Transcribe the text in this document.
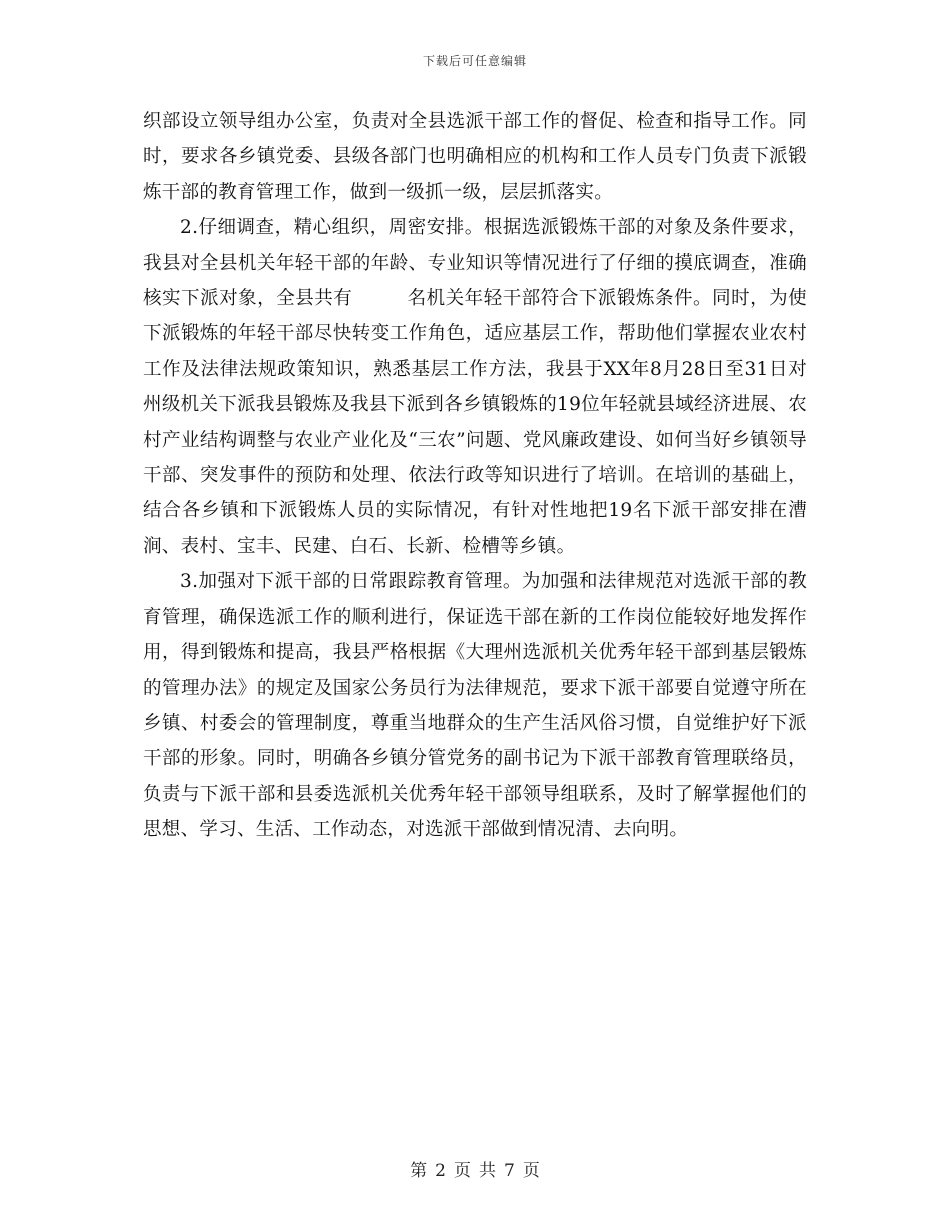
下载后可任意编辑

织部设立领导组办公室，负责对全县选派干部工作的督促、检查和指导工作。同时，要求各乡镇党委、县级各部门也明确相应的机构和工作人员专门负责下派锻炼干部的教育管理工作，做到一级抓一级，层层抓落实。

2.仔细调查，精心组织，周密安排。根据选派锻炼干部的对象及条件要求，我县对全县机关年轻干部的年龄、专业知识等情况进行了仔细的摸底调查，准确核实下派对象，全县共有	名机关年轻干部符合下派锻炼条件。同时，为使下派锻炼的年轻干部尽快转变工作角色，适应基层工作，帮助他们掌握农业农村工作及法律法规政策知识，熟悉基层工作方法，我县于XX年8月28日至31日对州级机关下派我县锻炼及我县下派到各乡镇锻炼的19位年轻就县域经济进展、农村产业结构调整与农业产业化及“三农”问题、党风廉政建设、如何当好乡镇领导干部、突发事件的预防和处理、依法行政等知识进行了培训。在培训的基础上，结合各乡镇和下派锻炼人员的实际情况，有针对性地把19名下派干部安排在漕涧、表村、宝丰、民建、白石、长新、检槽等乡镇。

3.加强对下派干部的日常跟踪教育管理。为加强和法律规范对选派干部的教育管理，确保选派工作的顺利进行，保证选干部在新的工作岗位能较好地发挥作用，得到锻炼和提高，我县严格根据《大理州选派机关优秀年轻干部到基层锻炼的管理办法》的规定及国家公务员行为法律规范，要求下派干部要自觉遵守所在乡镇、村委会的管理制度，尊重当地群众的生产生活风俗习惯，自觉维护好下派干部的形象。同时，明确各乡镇分管党务的副书记为下派干部教育管理联络员，负责与下派干部和县委选派机关优秀年轻干部领导组联系，及时了解掌握他们的思想、学习、生活、工作动态，对选派干部做到情况清、去向明。

第 2 页 共 7 页
